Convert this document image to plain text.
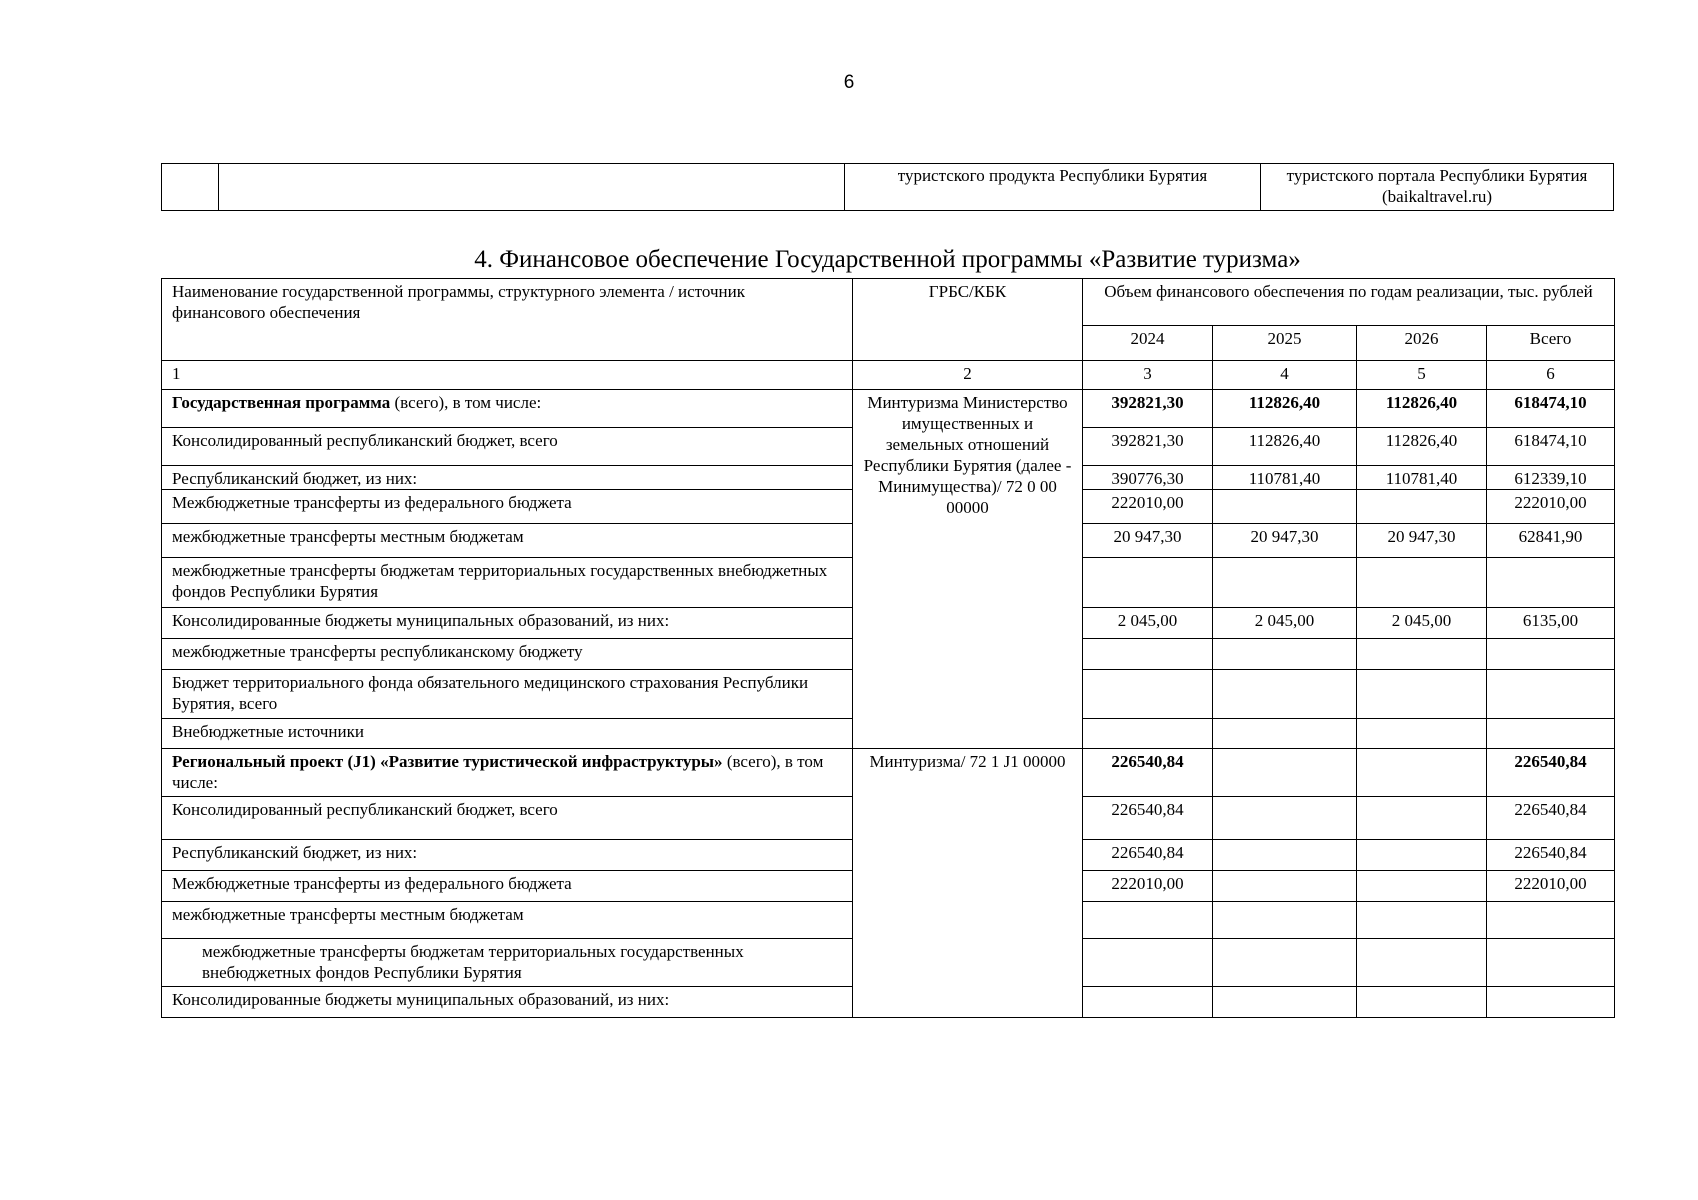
6
		туристского продукта Республики Бурятия	туристского портала Республики Бурятия (baikaltravel.ru)
4. Финансовое обеспечение Государственной программы «Развитие туризма»
Наименование государственной программы, структурного элемента / источник финансового обеспечения	ГРБС/КБК	Объем финансового обеспечения по годам реализации, тыс. рублей			
		2024	2025	2026	Всего
1	2	3	4	5	6
Государственная программа (всего), в том числе:	Минтуризма Министерство имущественных и земельных отношений Республики Бурятия (далее - Минимущества)/ 72 0 00 00000	392821,30	112826,40	112826,40	618474,10
Консолидированный республиканский бюджет, всего		392821,30	112826,40	112826,40	618474,10
Республиканский бюджет, из них:		390776,30	110781,40	110781,40	612339,10
Межбюджетные трансферты из федерального бюджета		222010,00			222010,00
межбюджетные трансферты местным бюджетам		20 947,30	20 947,30	20 947,30	62841,90
межбюджетные трансферты бюджетам территориальных государственных внебюджетных фондов Республики Бурятия					
Консолидированные бюджеты муниципальных образований, из них:		2 045,00	2 045,00	2 045,00	6135,00
межбюджетные трансферты республиканскому бюджету					
Бюджет территориального фонда обязательного медицинского страхования Республики Бурятия, всего					
Внебюджетные источники					
Региональный проект (J1) «Развитие туристической инфраструктуры» (всего), в том числе:	Минтуризма/ 72 1 J1 00000	226540,84			226540,84
Консолидированный республиканский бюджет, всего		226540,84			226540,84
Республиканский бюджет, из них:		226540,84			226540,84
Межбюджетные трансферты из федерального бюджета		222010,00			222010,00
межбюджетные трансферты местным бюджетам					
межбюджетные трансферты бюджетам территориальных государственных внебюджетных фондов Республики Бурятия					
Консолидированные бюджеты муниципальных образований, из них:					
